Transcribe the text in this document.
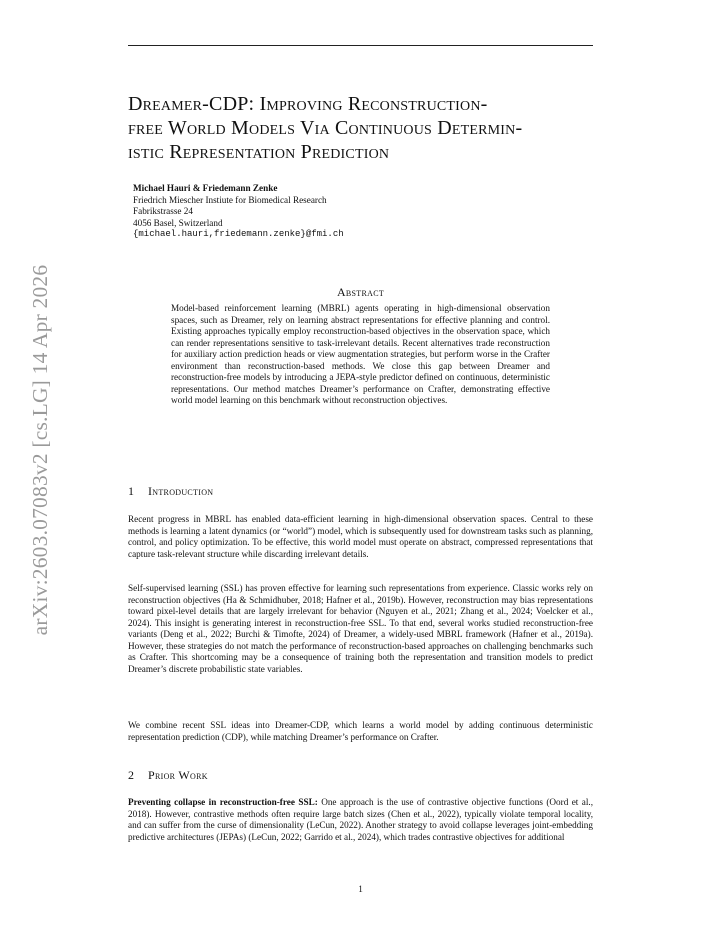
arXiv:2603.07083v2 [cs.LG] 14 Apr 2026
Dreamer-CDP: Improving Reconstruction-
free World Models Via Continuous Determin-
istic Representation Prediction
Michael Hauri & Friedemann Zenke
Friedrich Miescher Instiute for Biomedical Research
Fabrikstrasse 24
4056 Basel, Switzerland
{michael.hauri,friedemann.zenke}@fmi.ch
Abstract
Model-based reinforcement learning (MBRL) agents operating in high-dimensional observation spaces, such as Dreamer, rely on learning abstract representations for effective planning and control. Existing approaches typically employ reconstruction-based objectives in the observation space, which can render representations sensitive to task-irrelevant details. Recent alternatives trade reconstruction for auxiliary action prediction heads or view augmentation strategies, but perform worse in the Crafter environment than reconstruction-based methods. We close this gap between Dreamer and reconstruction-free models by introducing a JEPA-style predictor defined on continuous, deterministic representations. Our method matches Dreamer’s performance on Crafter, demonstrating effective world model learning on this benchmark without reconstruction objectives.
1 Introduction
Recent progress in MBRL has enabled data-efficient learning in high-dimensional observation spaces. Central to these methods is learning a latent dynamics (or “world”) model, which is subsequently used for downstream tasks such as planning, control, and policy optimization. To be effective, this world model must operate on abstract, compressed representations that capture task-relevant structure while discarding irrelevant details.
Self-supervised learning (SSL) has proven effective for learning such representations from experience. Classic works rely on reconstruction objectives (Ha & Schmidhuber, 2018; Hafner et al., 2019b). However, reconstruction may bias representations toward pixel-level details that are largely irrelevant for behavior (Nguyen et al., 2021; Zhang et al., 2024; Voelcker et al., 2024). This insight is generating interest in reconstruction-free SSL. To that end, several works studied reconstruction-free variants (Deng et al., 2022; Burchi & Timofte, 2024) of Dreamer, a widely-used MBRL framework (Hafner et al., 2019a). However, these strategies do not match the performance of reconstruction-based approaches on challenging benchmarks such as Crafter. This shortcoming may be a consequence of training both the representation and transition models to predict Dreamer’s discrete probabilistic state variables.
We combine recent SSL ideas into Dreamer-CDP, which learns a world model by adding continuous deterministic representation prediction (CDP), while matching Dreamer’s performance on Crafter.
2 Prior Work
Preventing collapse in reconstruction-free SSL: One approach is the use of contrastive objective functions (Oord et al., 2018). However, contrastive methods often require large batch sizes (Chen et al., 2022), typically violate temporal locality, and can suffer from the curse of dimensionality (LeCun, 2022). Another strategy to avoid collapse leverages joint-embedding predictive architectures (JEPAs) (LeCun, 2022; Garrido et al., 2024), which trades contrastive objectives for additional
1
